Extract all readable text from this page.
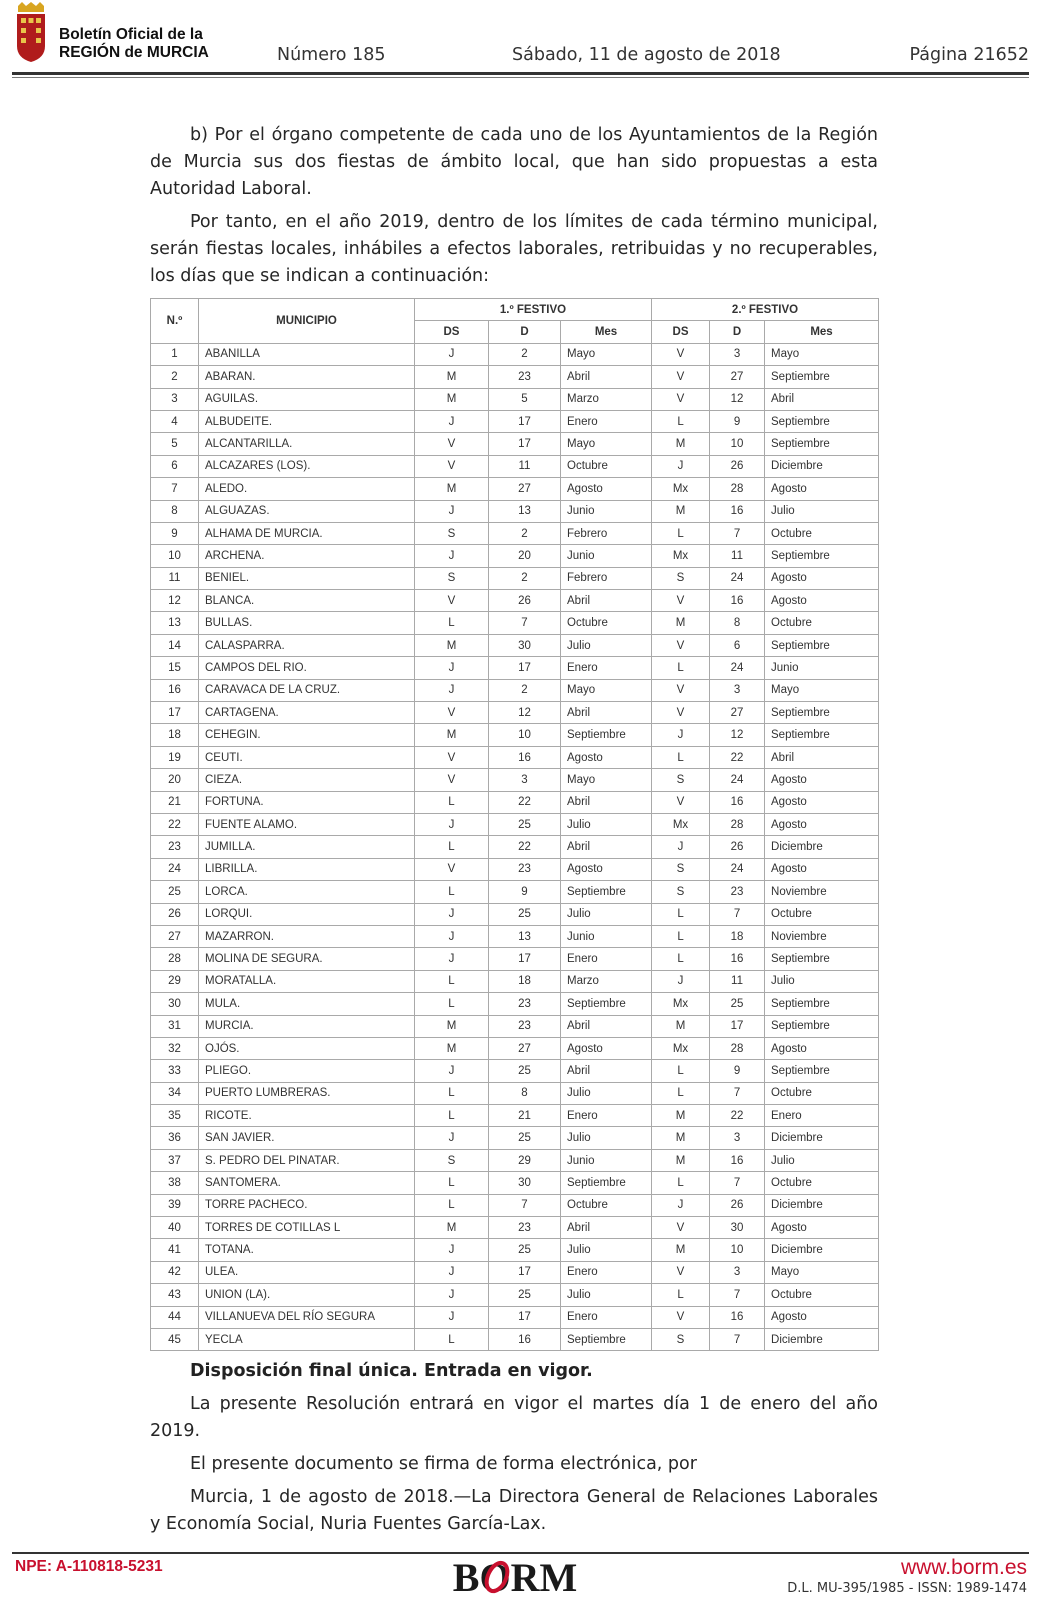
Boletín Oficial de la
REGIÓN de MURCIA	Número 185	Sábado, 11 de agosto de 2018	Página 21652

b) Por el órgano competente de cada uno de los Ayuntamientos de la Región de Murcia sus dos fiestas de ámbito local, que han sido propuestas a esta Autoridad Laboral.

Por tanto, en el año 2019, dentro de los límites de cada término municipal, serán fiestas locales, inhábiles a efectos laborales, retribuidas y no recuperables, los días que se indican a continuación:

N.º	MUNICIPIO	1.º FESTIVO			2.º FESTIVO		
		DS	D	Mes	DS	D	Mes
1	ABANILLA	J	2	Mayo	V	3	Mayo
2	ABARAN.	M	23	Abril	V	27	Septiembre
3	AGUILAS.	M	5	Marzo	V	12	Abril
4	ALBUDEITE.	J	17	Enero	L	9	Septiembre
5	ALCANTARILLA.	V	17	Mayo	M	10	Septiembre
6	ALCAZARES (LOS).	V	11	Octubre	J	26	Diciembre
7	ALEDO.	M	27	Agosto	Mx	28	Agosto
8	ALGUAZAS.	J	13	Junio	M	16	Julio
9	ALHAMA DE MURCIA.	S	2	Febrero	L	7	Octubre
10	ARCHENA.	J	20	Junio	Mx	11	Septiembre
11	BENIEL.	S	2	Febrero	S	24	Agosto
12	BLANCA.	V	26	Abril	V	16	Agosto
13	BULLAS.	L	7	Octubre	M	8	Octubre
14	CALASPARRA.	M	30	Julio	V	6	Septiembre
15	CAMPOS DEL RIO.	J	17	Enero	L	24	Junio
16	CARAVACA DE LA CRUZ.	J	2	Mayo	V	3	Mayo
17	CARTAGENA.	V	12	Abril	V	27	Septiembre
18	CEHEGIN.	M	10	Septiembre	J	12	Septiembre
19	CEUTI.	V	16	Agosto	L	22	Abril
20	CIEZA.	V	3	Mayo	S	24	Agosto
21	FORTUNA.	L	22	Abril	V	16	Agosto
22	FUENTE ALAMO.	J	25	Julio	Mx	28	Agosto
23	JUMILLA.	L	22	Abril	J	26	Diciembre
24	LIBRILLA.	V	23	Agosto	S	24	Agosto
25	LORCA.	L	9	Septiembre	S	23	Noviembre
26	LORQUI.	J	25	Julio	L	7	Octubre
27	MAZARRON.	J	13	Junio	L	18	Noviembre
28	MOLINA DE SEGURA.	J	17	Enero	L	16	Septiembre
29	MORATALLA.	L	18	Marzo	J	11	Julio
30	MULA.	L	23	Septiembre	Mx	25	Septiembre
31	MURCIA.	M	23	Abril	M	17	Septiembre
32	OJÓS.	M	27	Agosto	Mx	28	Agosto
33	PLIEGO.	J	25	Abril	L	9	Septiembre
34	PUERTO LUMBRERAS.	L	8	Julio	L	7	Octubre
35	RICOTE.	L	21	Enero	M	22	Enero
36	SAN JAVIER.	J	25	Julio	M	3	Diciembre
37	S. PEDRO DEL PINATAR.	S	29	Junio	M	16	Julio
38	SANTOMERA.	L	30	Septiembre	L	7	Octubre
39	TORRE PACHECO.	L	7	Octubre	J	26	Diciembre
40	TORRES DE COTILLAS L	M	23	Abril	V	30	Agosto
41	TOTANA.	J	25	Julio	M	10	Diciembre
42	ULEA.	J	17	Enero	V	3	Mayo
43	UNION (LA).	J	25	Julio	L	7	Octubre
44	VILLANUEVA DEL RÍO SEGURA	J	17	Enero	V	16	Agosto
45	YECLA	L	16	Septiembre	S	7	Diciembre

Disposición final única. Entrada en vigor.

La presente Resolución entrará en vigor el martes día 1 de enero del año 2019.

El presente documento se firma de forma electrónica, por

Murcia, 1 de agosto de 2018.—La Directora General de Relaciones Laborales y Economía Social, Nuria Fuentes García-Lax.

NPE: A-110818-5231	BORM	www.borm.es
D.L. MU-395/1985 - ISSN: 1989-1474
